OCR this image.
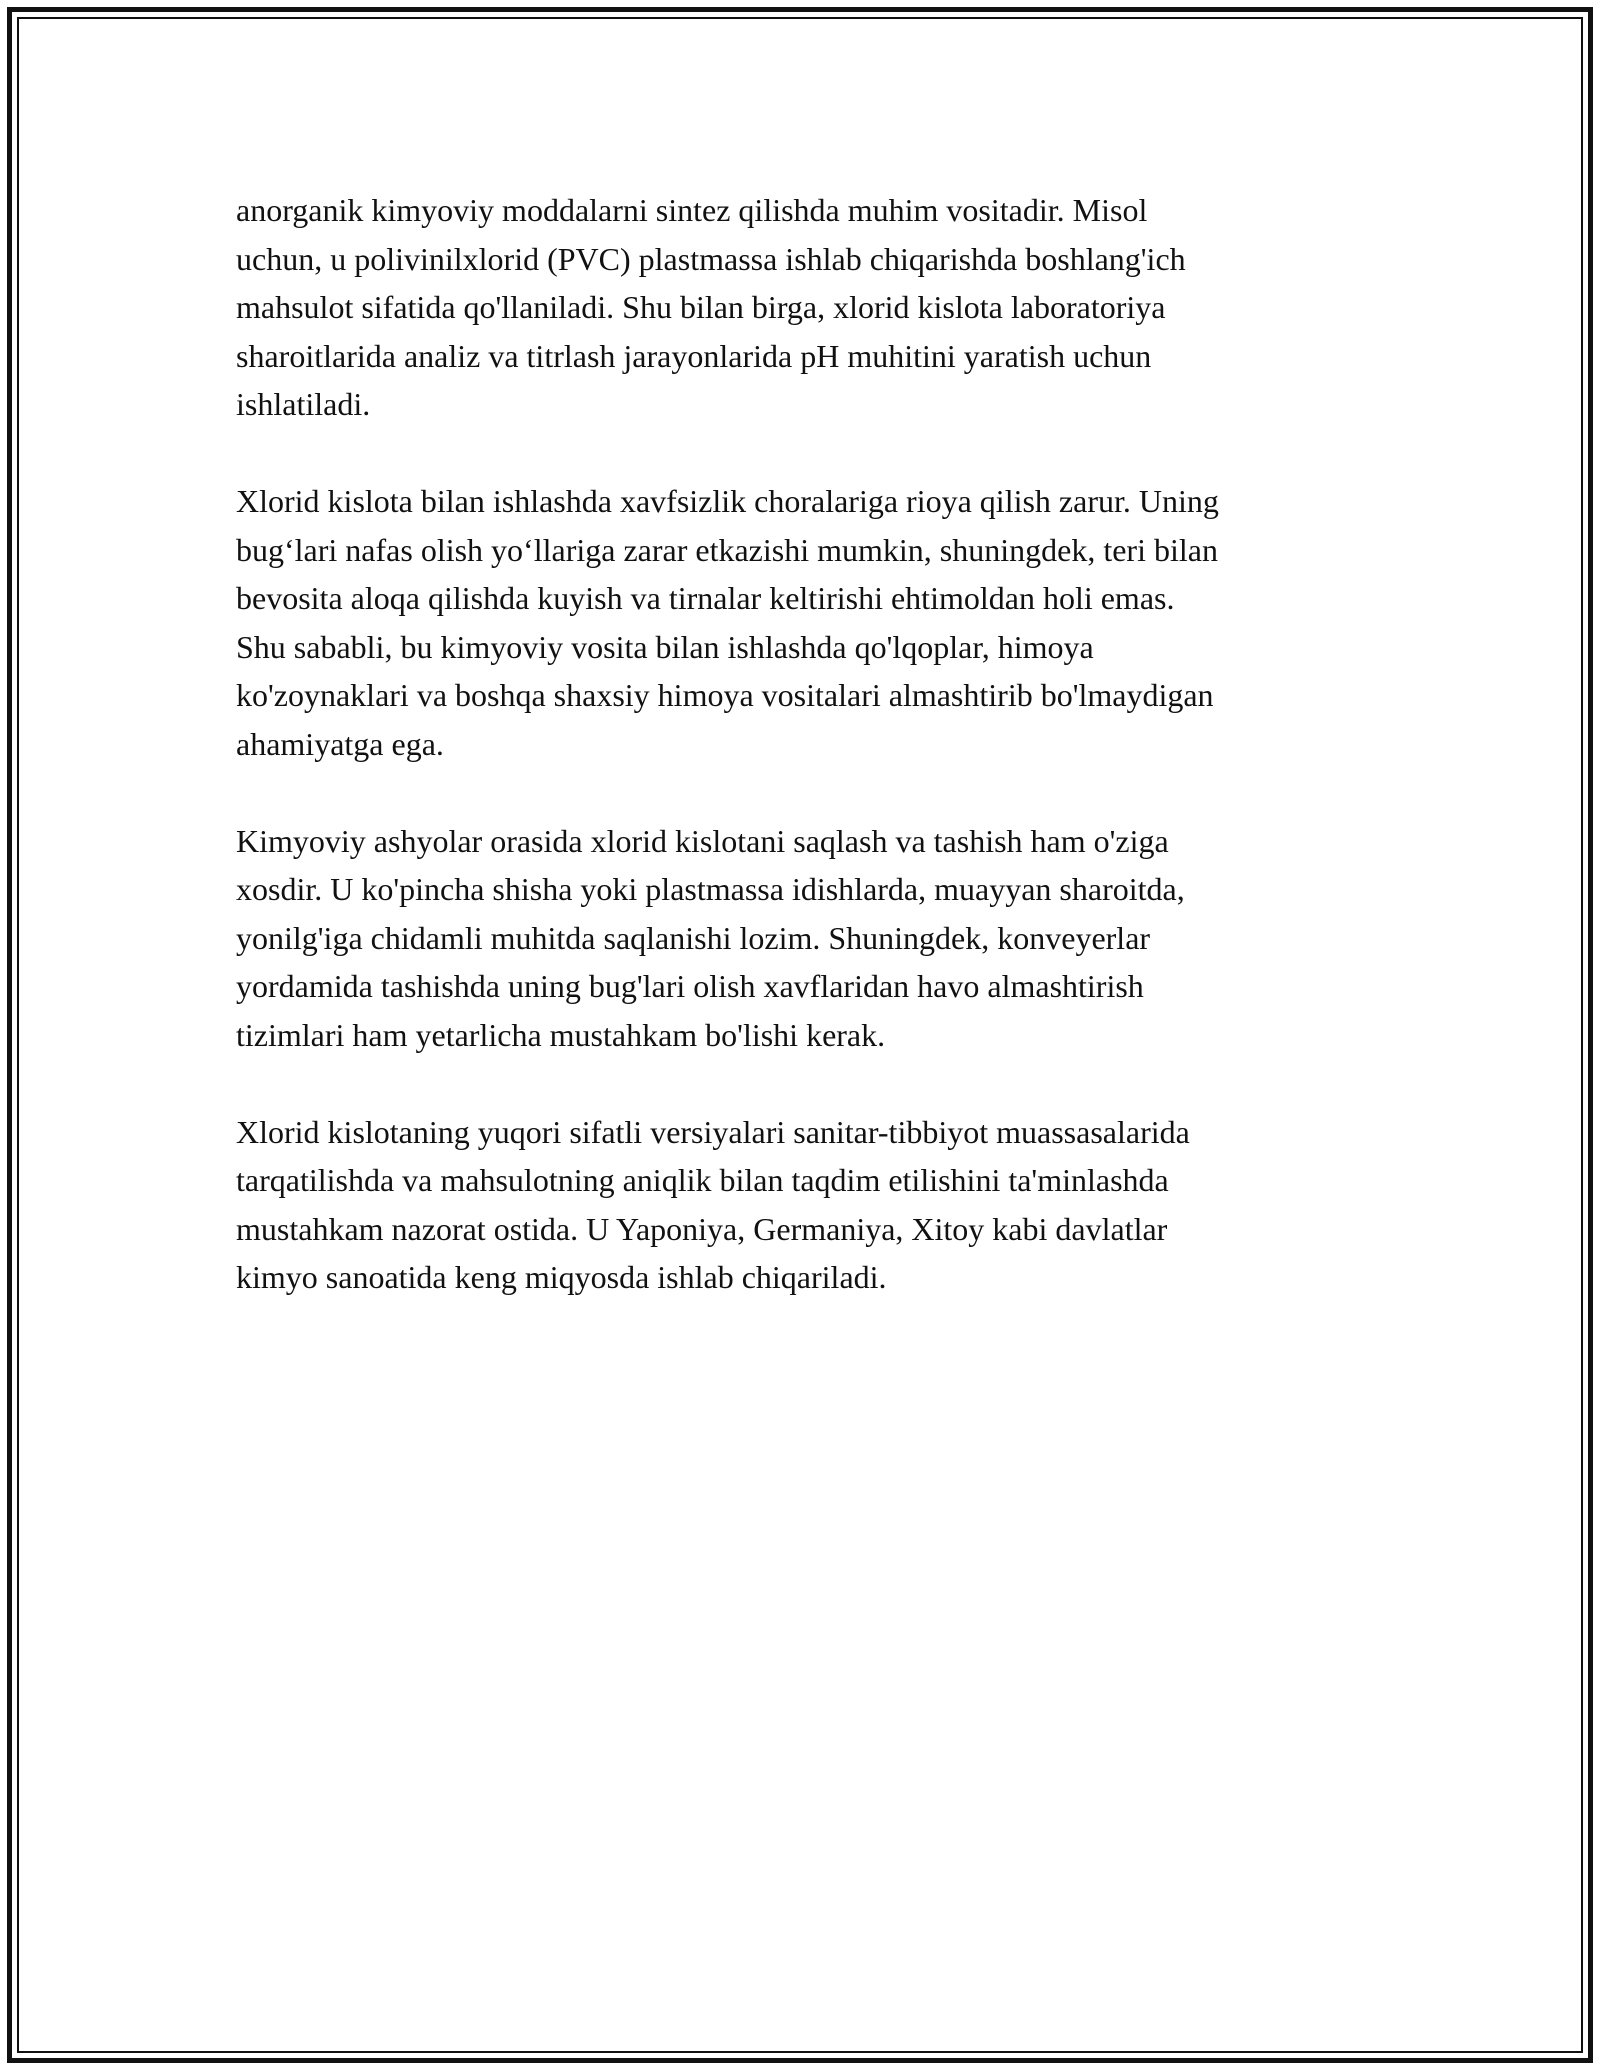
anorganik kimyoviy moddalarni sintez qilishda muhim vositadir. Misol
uchun, u polivinilxlorid (PVC) plastmassa ishlab chiqarishda boshlang'ich
mahsulot sifatida qo'llaniladi. Shu bilan birga, xlorid kislota laboratoriya
sharoitlarida analiz va titrlash jarayonlarida pH muhitini yaratish uchun
ishlatiladi.

Xlorid kislota bilan ishlashda xavfsizlik choralariga rioya qilish zarur. Uning
bug‘lari nafas olish yo‘llariga zarar etkazishi mumkin, shuningdek, teri bilan
bevosita aloqa qilishda kuyish va tirnalar keltirishi ehtimoldan holi emas.
Shu sababli, bu kimyoviy vosita bilan ishlashda qo'lqoplar, himoya
ko'zoynaklari va boshqa shaxsiy himoya vositalari almashtirib bo'lmaydigan
ahamiyatga ega.

Kimyoviy ashyolar orasida xlorid kislotani saqlash va tashish ham o'ziga
xosdir. U ko'pincha shisha yoki plastmassa idishlarda, muayyan sharoitda,
yonilg'iga chidamli muhitda saqlanishi lozim. Shuningdek, konveyerlar
yordamida tashishda uning bug'lari olish xavflaridan havo almashtirish
tizimlari ham yetarlicha mustahkam bo'lishi kerak.

Xlorid kislotaning yuqori sifatli versiyalari sanitar-tibbiyot muassasalarida
tarqatilishda va mahsulotning aniqlik bilan taqdim etilishini ta'minlashda
mustahkam nazorat ostida. U Yaponiya, Germaniya, Xitoy kabi davlatlar
kimyo sanoatida keng miqyosda ishlab chiqariladi.
